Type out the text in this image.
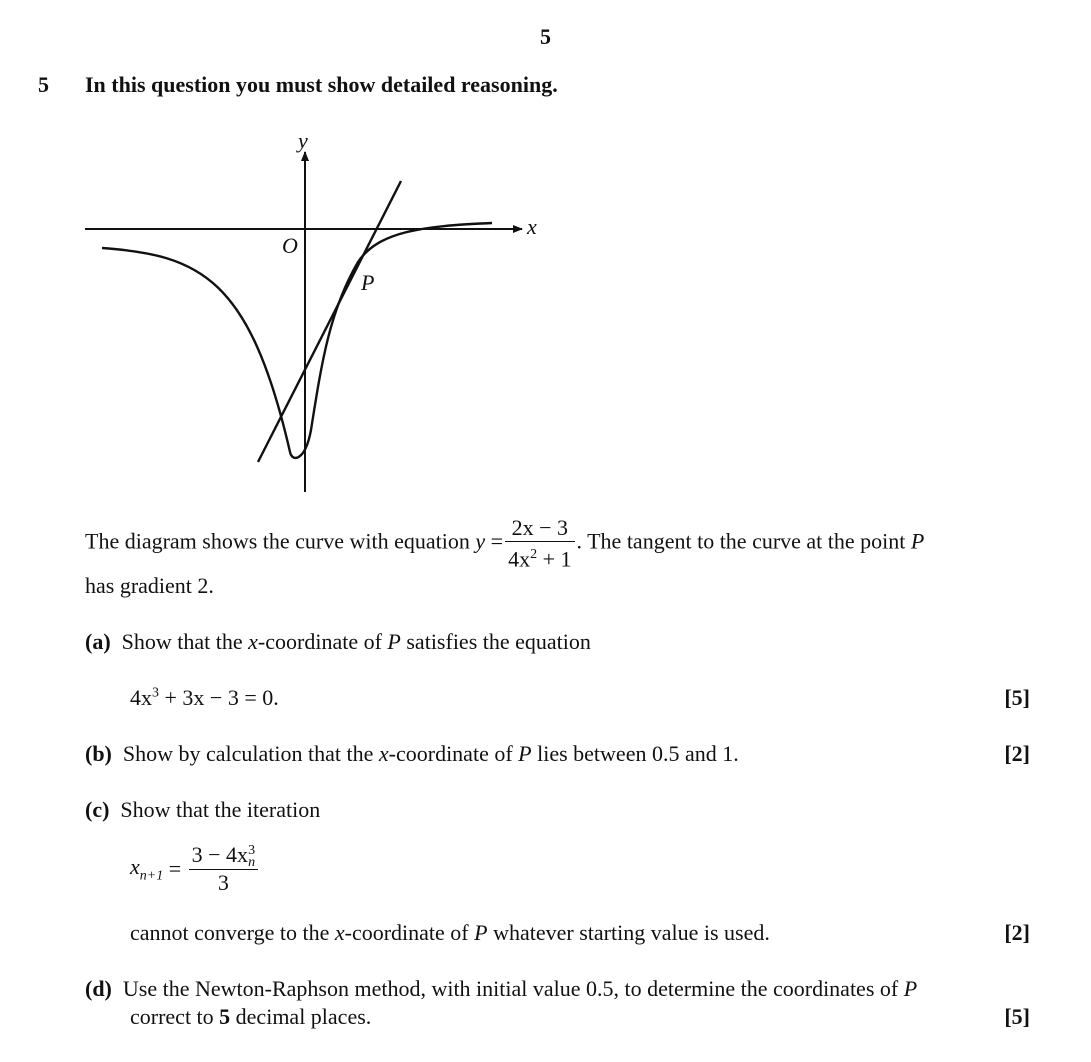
5
5 In this question you must show detailed reasoning.
y
x
O
P
The diagram shows the curve with equation $y = \frac{2x - 3}{4x^2 + 1}$ . The tangent to the curve at the point P
has gradient 2.
(a) Show that the x-coordinate of P satisfies the equation
$4x^3 + 3x - 3 = 0$.	[5]
(b) Show by calculation that the x-coordinate of P lies between 0.5 and 1.	[2]
(c) Show that the iteration
$x_{n+1} = 3 - 4x$ 3
n
3
cannot converge to the x-coordinate of P whatever starting value is used.	[2]
(d) Use the Newton-Raphson method, with initial value 0.5, to determine the coordinates of P
correct to 5 decimal places.	[5]
